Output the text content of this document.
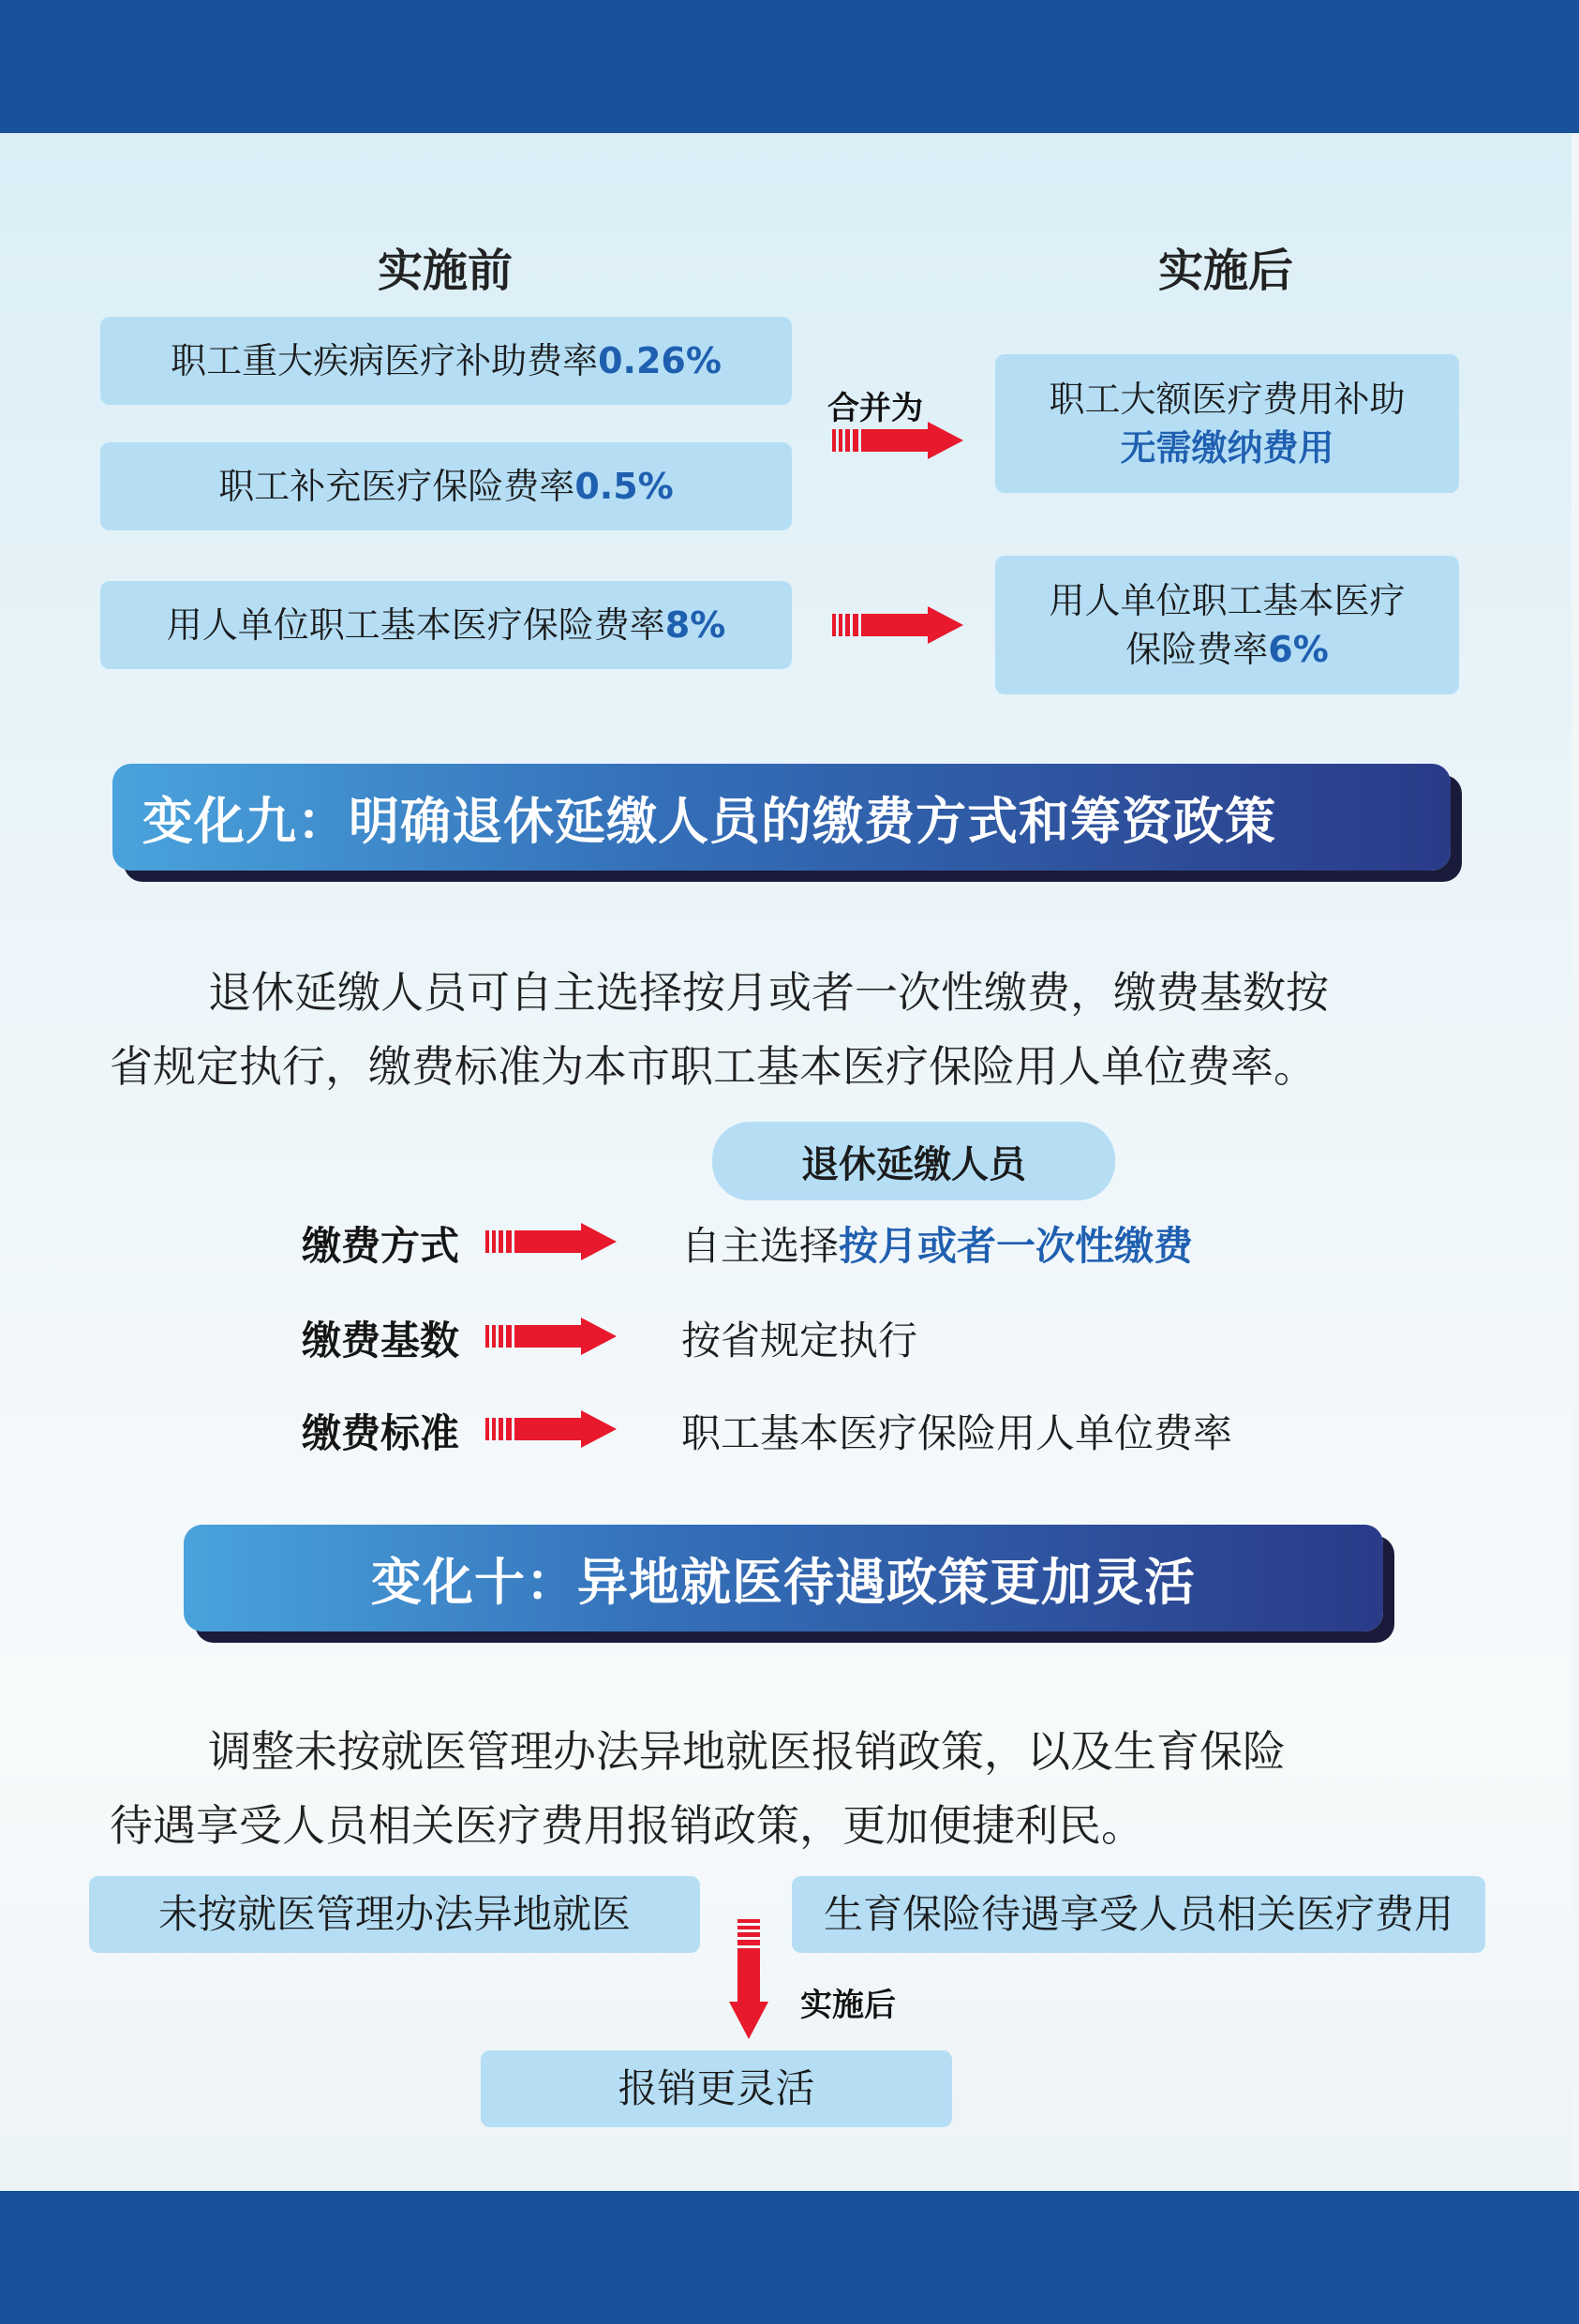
实施前	实施后
职工重大疾病医疗补助费率 0.26%
职工补充医疗保险费率 0.5%
用人单位职工基本医疗保险费率 8%
合并为	职工大额医疗费用补助
无需缴纳费用
用人单位职工基本医疗
保险费率6%
变化九：明确退休延缴人员的缴费方式和筹资政策
退休延缴人员可自主选择按月或者一次性缴费，缴费基数按
省规定执行，缴费标准为本市职工基本医疗保险用人单位费率。
退休延缴人员
缴费方式	自主选择按月或者一次性缴费
缴费基数	按省规定执行
缴费标准	职工基本医疗保险用人单位费率
变化十：异地就医待遇政策更加灵活
调整未按就医管理办法异地就医报销政策，以及生育保险
待遇享受人员相关医疗费用报销政策，更加便捷利民。
未按就医管理办法异地就医	生育保险待遇享受人员相关医疗费用
实施后
报销更灵活
